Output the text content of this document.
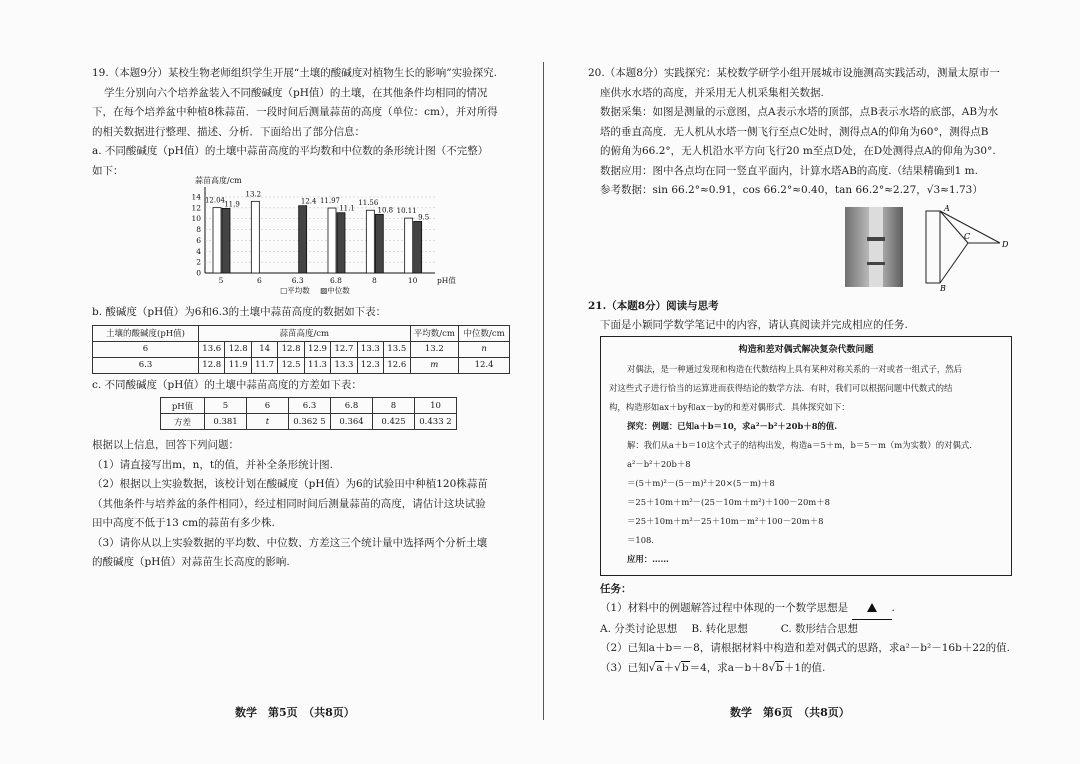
19.（本题9分）某校生物老师组织学生开展“土壤的酸碱度对植物生长的影响”实验探究.

学生分别向六个培养盆装入不同酸碱度（pH值）的土壤，在其他条件均相同的情况

下，在每个培养盆中种植8株蒜苗．一段时间后测量蒜苗的高度（单位：cm），并对所得

的相关数据进行整理、描述、分析．下面给出了部分信息：

a. 不同酸碱度（pH值）的土壤中蒜苗高度的平均数和中位数的条形统计图（不完整）

如下：

蒜苗高度/cm
0
2
4
6
8
10
12
14 12.04 11.9
5
13.2
6
12.4
6.3
11.97
11.1
6.8
11.56
10.8
8
10.11
9.5
10	pH值
□平均数 ▨中位数

b. 酸碱度（pH值）为6和6.3的土壤中蒜苗高度的数据如下表：

土壤的酸碱度(pH值)	蒜苗高度/cm								平均数/cm	中位数/cm
6	13.6	12.8	14	12.8	12.9	12.7	13.3	13.5	13.2	n
6.3	12.8	11.9	11.7	12.5	11.3	13.3	12.3	12.6	m	12.4

c. 不同酸碱度（pH值）的土壤中蒜苗高度的方差如下表：

pH值	5	6	6.3	6.8	8	10
方差	0.381	t	0.362 5	0.364	0.425	0.433 2

根据以上信息，回答下列问题：

（1）请直接写出m，n，t的值，并补全条形统计图.

（2）根据以上实验数据，该校计划在酸碱度（pH值）为6的试验田中种植120株蒜苗

（其他条件与培养盆的条件相同），经过相同时间后测量蒜苗的高度，请估计这块试验

田中高度不低于13 cm的蒜苗有多少株.

（3）请你从以上实验数据的平均数、中位数、方差这三个统计量中选择两个分析土壤

的酸碱度（pH值）对蒜苗生长高度的影响.

数学　第5页　（共8页）

20.（本题8分）实践探究：某校数学研学小组开展城市设施测高实践活动，测量太原市一

座供水水塔的高度，并采用无人机采集相关数据.

数据采集：如图是测量的示意图，点A表示水塔的顶部，点B表示水塔的底部，AB为水

塔的垂直高度．无人机从水塔一侧飞行至点C处时，测得点A的仰角为60°，测得点B

的俯角为66.2°，无人机沿水平方向飞行20 m至点D处，在D处测得点A的仰角为30°.

数据应用：图中各点均在同一竖直平面内，计算水塔AB的高度.（结果精确到1 m.

参考数据：sin 66.2°≈0.91，cos 66.2°≈0.40，tan 66.2°≈2.27，√3≈1.73）

A
B
C
D

21.（本题8分）阅读与思考

下面是小颖同学数学笔记中的内容，请认真阅读并完成相应的任务.

构造和差对偶式解决复杂代数问题

对偶法，是一种通过发现和构造在代数结构上具有某种对称关系的一对或者一组式子，然后

对这些式子进行恰当的运算进而获得结论的数学方法．有时，我们可以根据问题中代数式的结

构，构造形如ax＋by和ax－by的和差对偶形式．具体探究如下：

探究：例题：已知a＋b＝10，求a²－b²＋20b＋8的值.

解：我们从a＋b＝10这个式子的结构出发，构造a＝5＋m，b＝5－m（m为实数）的对偶式.

a²－b²＋20b＋8

＝(5＋m)²－(5－m)²＋20×(5－m)＋8

＝25＋10m＋m²－(25－10m＋m²)＋100－20m＋8

＝25＋10m＋m²－25＋10m－m²＋100－20m＋8

＝108.

应用：……

任务：

（1）材料中的例题解答过程中体现的一个数学思想是	.

A. 分类讨论思想 B. 转化思想	C. 数形结合思想

（2）已知a＋b＝－8，请根据材料中构造和差对偶式的思路，求a²－b²－16b＋22的值.

（3）已知√a＋√b＝4，求a－b＋8√b＋1的值.

数学　第6页　（共8页）
